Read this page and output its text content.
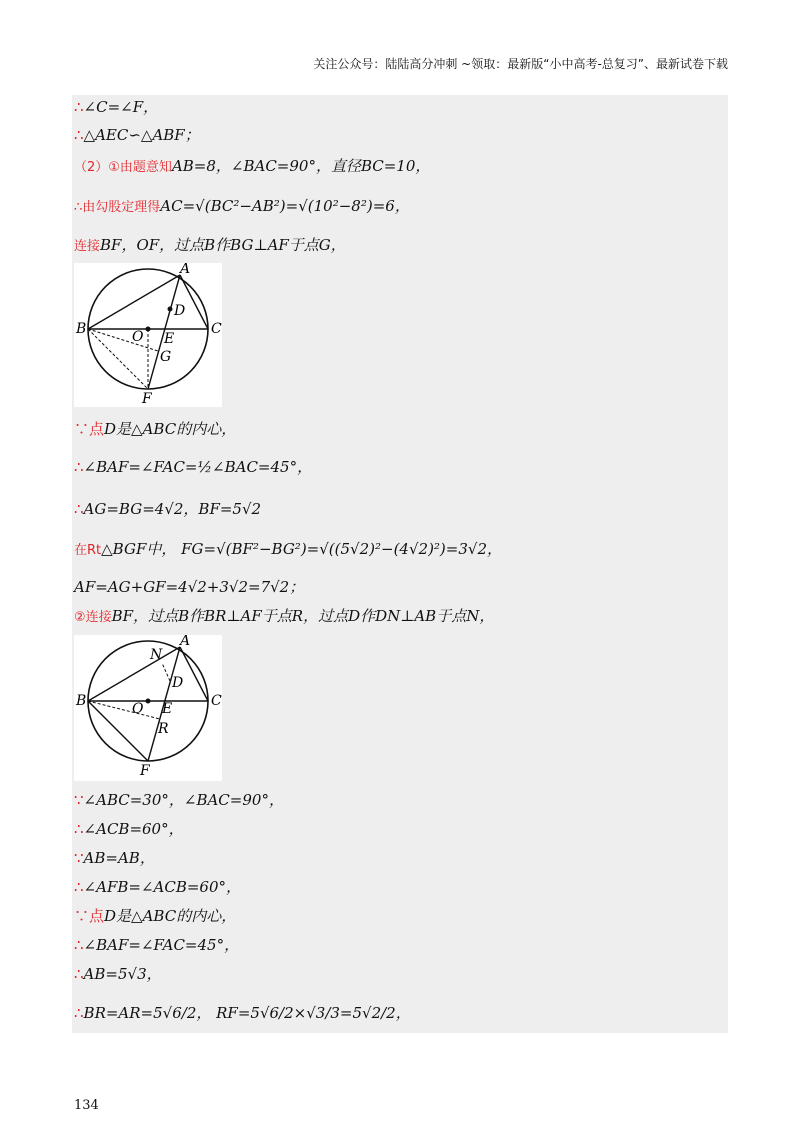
关注公众号：陆陆高分冲刺 ~领取：最新版“小中高考-总复习”、最新试卷下载
∴∠C=∠F，
∴△AEC∽△ABF；
（2）①由题意知AB=8，∠BAC=90°，直径BC=10，
∴由勾股定理得AC=√(BC²−AB²)=√(10²−8²)=6，
连接BF，OF，过点B作BG⊥AF于点G，
A
B	C
D
E
F
G
O
∵点D是△ABC的内心，
∴∠BAF=∠FAC=½∠BAC=45°，
∴AG=BG=4√2，BF=5√2
在Rt△BGF中， FG=√(BF²−BG²)=√((5√2)²−(4√2)²)=3√2，
AF=AG+GF=4√2+3√2=7√2；
②连接BF，过点B作BR⊥AF于点R，过点D作DN⊥AB于点N，
A
B	C
D
E
F
N
O
R
∵∠ABC=30°，∠BAC=90°，
∴∠ACB=60°，
∵AB=AB，
∴∠AFB=∠ACB=60°，
∵点D是△ABC的内心，
∴∠BAF=∠FAC=45°，
∴AB=5√3，
∴BR=AR=5√6/2， RF=5√6/2×√3/3=5√2/2，
134
